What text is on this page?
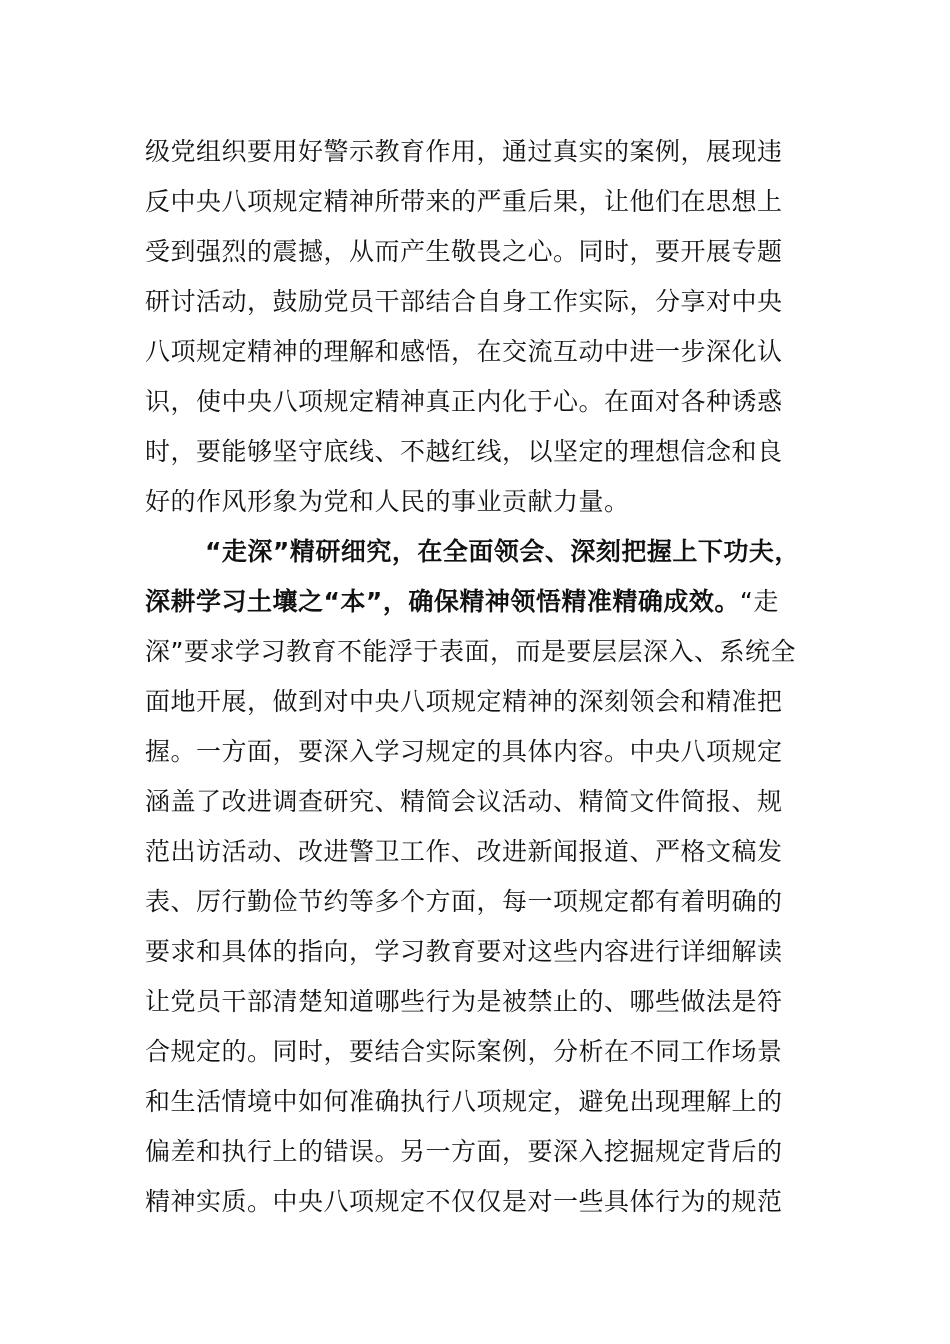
级党组织要用好警示教育作用，通过真实的案例，展现违
反中央八项规定精神所带来的严重后果，让他们在思想上
受到强烈的震撼，从而产生敬畏之心。同时，要开展专题
研讨活动，鼓励党员干部结合自身工作实际，分享对中央
八项规定精神的理解和感悟，在交流互动中进一步深化认
识，使中央八项规定精神真正内化于心。在面对各种诱惑
时，要能够坚守底线、不越红线，以坚定的理想信念和良
好的作风形象为党和人民的事业贡献力量。
“走深”精研细究，在全面领会、深刻把握上下功夫，
深耕学习土壤之“本”，确保精神领悟精准精确成效。“走
深”要求学习教育不能浮于表面，而是要层层深入、系统全
面地开展，做到对中央八项规定精神的深刻领会和精准把
握。一方面，要深入学习规定的具体内容。中央八项规定
涵盖了改进调查研究、精简会议活动、精简文件简报、规
范出访活动、改进警卫工作、改进新闻报道、严格文稿发
表、厉行勤俭节约等多个方面，每一项规定都有着明确的
要求和具体的指向，学习教育要对这些内容进行详细解读
让党员干部清楚知道哪些行为是被禁止的、哪些做法是符
合规定的。同时，要结合实际案例，分析在不同工作场景
和生活情境中如何准确执行八项规定，避免出现理解上的
偏差和执行上的错误。另一方面，要深入挖掘规定背后的
精神实质。中央八项规定不仅仅是对一些具体行为的规范
